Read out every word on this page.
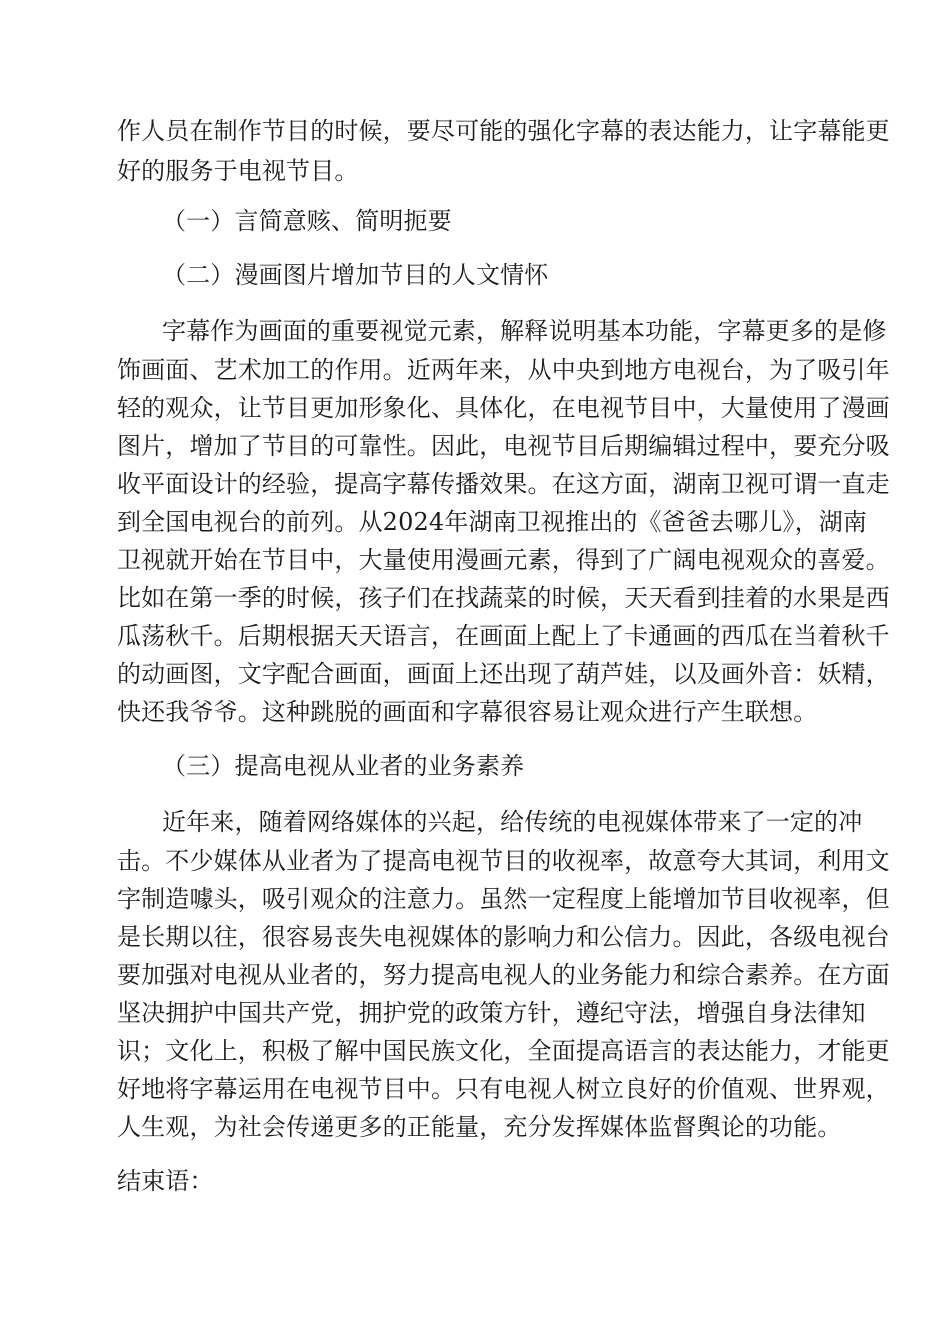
作人员在制作节目的时候，要尽可能的强化字幕的表达能力，让字幕能更
好的服务于电视节目。
（一）言简意赅、简明扼要
（二）漫画图片增加节目的人文情怀
字幕作为画面的重要视觉元素，解释说明基本功能，字幕更多的是修
饰画面、艺术加工的作用。近两年来，从中央到地方电视台，为了吸引年
轻的观众，让节目更加形象化、具体化，在电视节目中，大量使用了漫画
图片，增加了节目的可靠性。因此，电视节目后期编辑过程中，要充分吸
收平面设计的经验，提高字幕传播效果。在这方面，湖南卫视可谓一直走
到全国电视台的前列。从2024年湖南卫视推出的《爸爸去哪儿》，湖南
卫视就开始在节目中，大量使用漫画元素，得到了广阔电视观众的喜爱。
比如在第一季的时候，孩子们在找蔬菜的时候，天天看到挂着的水果是西
瓜荡秋千。后期根据天天语言，在画面上配上了卡通画的西瓜在当着秋千
的动画图，文字配合画面，画面上还出现了葫芦娃，以及画外音：妖精，
快还我爷爷。这种跳脱的画面和字幕很容易让观众进行产生联想。
（三）提高电视从业者的业务素养
近年来，随着网络媒体的兴起，给传统的电视媒体带来了一定的冲
击。不少媒体从业者为了提高电视节目的收视率，故意夸大其词，利用文
字制造噱头，吸引观众的注意力。虽然一定程度上能增加节目收视率，但
是长期以往，很容易丧失电视媒体的影响力和公信力。因此，各级电视台
要加强对电视从业者的，努力提高电视人的业务能力和综合素养。在方面
坚决拥护中国共产党，拥护党的政策方针，遵纪守法，增强自身法律知
识；文化上，积极了解中国民族文化，全面提高语言的表达能力，才能更
好地将字幕运用在电视节目中。只有电视人树立良好的价值观、世界观，
人生观，为社会传递更多的正能量，充分发挥媒体监督舆论的功能。
结束语：
